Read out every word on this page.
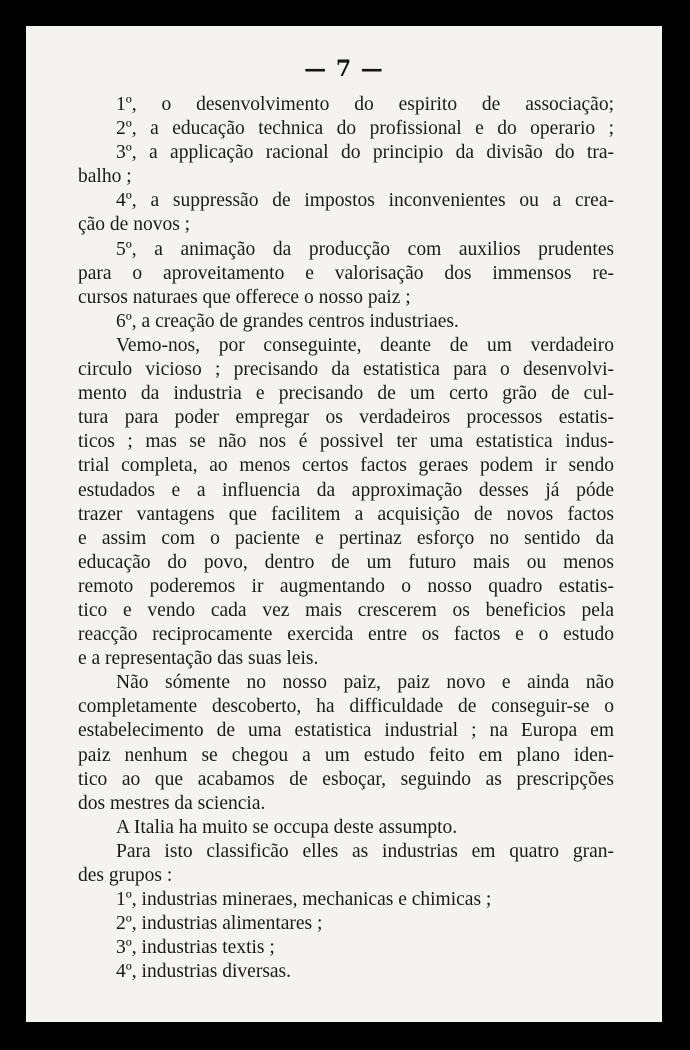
— 7 —
1º, o desenvolvimento do espirito de associação;
2º, a educação technica do profissional e do operario ;
3º, a applicação racional do principio da divisão do tra-
balho ;
4º, a suppressão de impostos inconvenientes ou a crea-
ção de novos ;
5º, a animação da producção com auxilios prudentes
para o aproveitamento e valorisação dos immensos re-
cursos naturaes que offerece o nosso paiz ;
6º, a creação de grandes centros industriaes.
Vemo-nos, por conseguinte, deante de um verdadeiro
circulo vicioso ; precisando da estatistica para o desenvolvi-
mento da industria e precisando de um certo grão de cul-
tura para poder empregar os verdadeiros processos estatis-
ticos ; mas se não nos é possivel ter uma estatistica indus-
trial completa, ao menos certos factos geraes podem ir sendo
estudados e a influencia da approximação desses já póde
trazer vantagens que facilitem a acquisição de novos factos
e assim com o paciente e pertinaz esforço no sentido da
educação do povo, dentro de um futuro mais ou menos
remoto poderemos ir augmentando o nosso quadro estatis-
tico e vendo cada vez mais crescerem os beneficios pela
reacção reciprocamente exercida entre os factos e o estudo
e a representação das suas leis.
Não sómente no nosso paiz, paiz novo e ainda não
completamente descoberto, ha difficuldade de conseguir-se o
estabelecimento de uma estatistica industrial ; na Europa em
paiz nenhum se chegou a um estudo feito em plano iden-
tico ao que acabamos de esboçar, seguindo as prescripções
dos mestres da sciencia.
A Italia ha muito se occupa deste assumpto.
Para isto classificão elles as industrias em quatro gran-
des grupos :
1º, industrias mineraes, mechanicas e chimicas ;
2º, industrias alimentares ;
3º, industrias textis ;
4º, industrias diversas.
